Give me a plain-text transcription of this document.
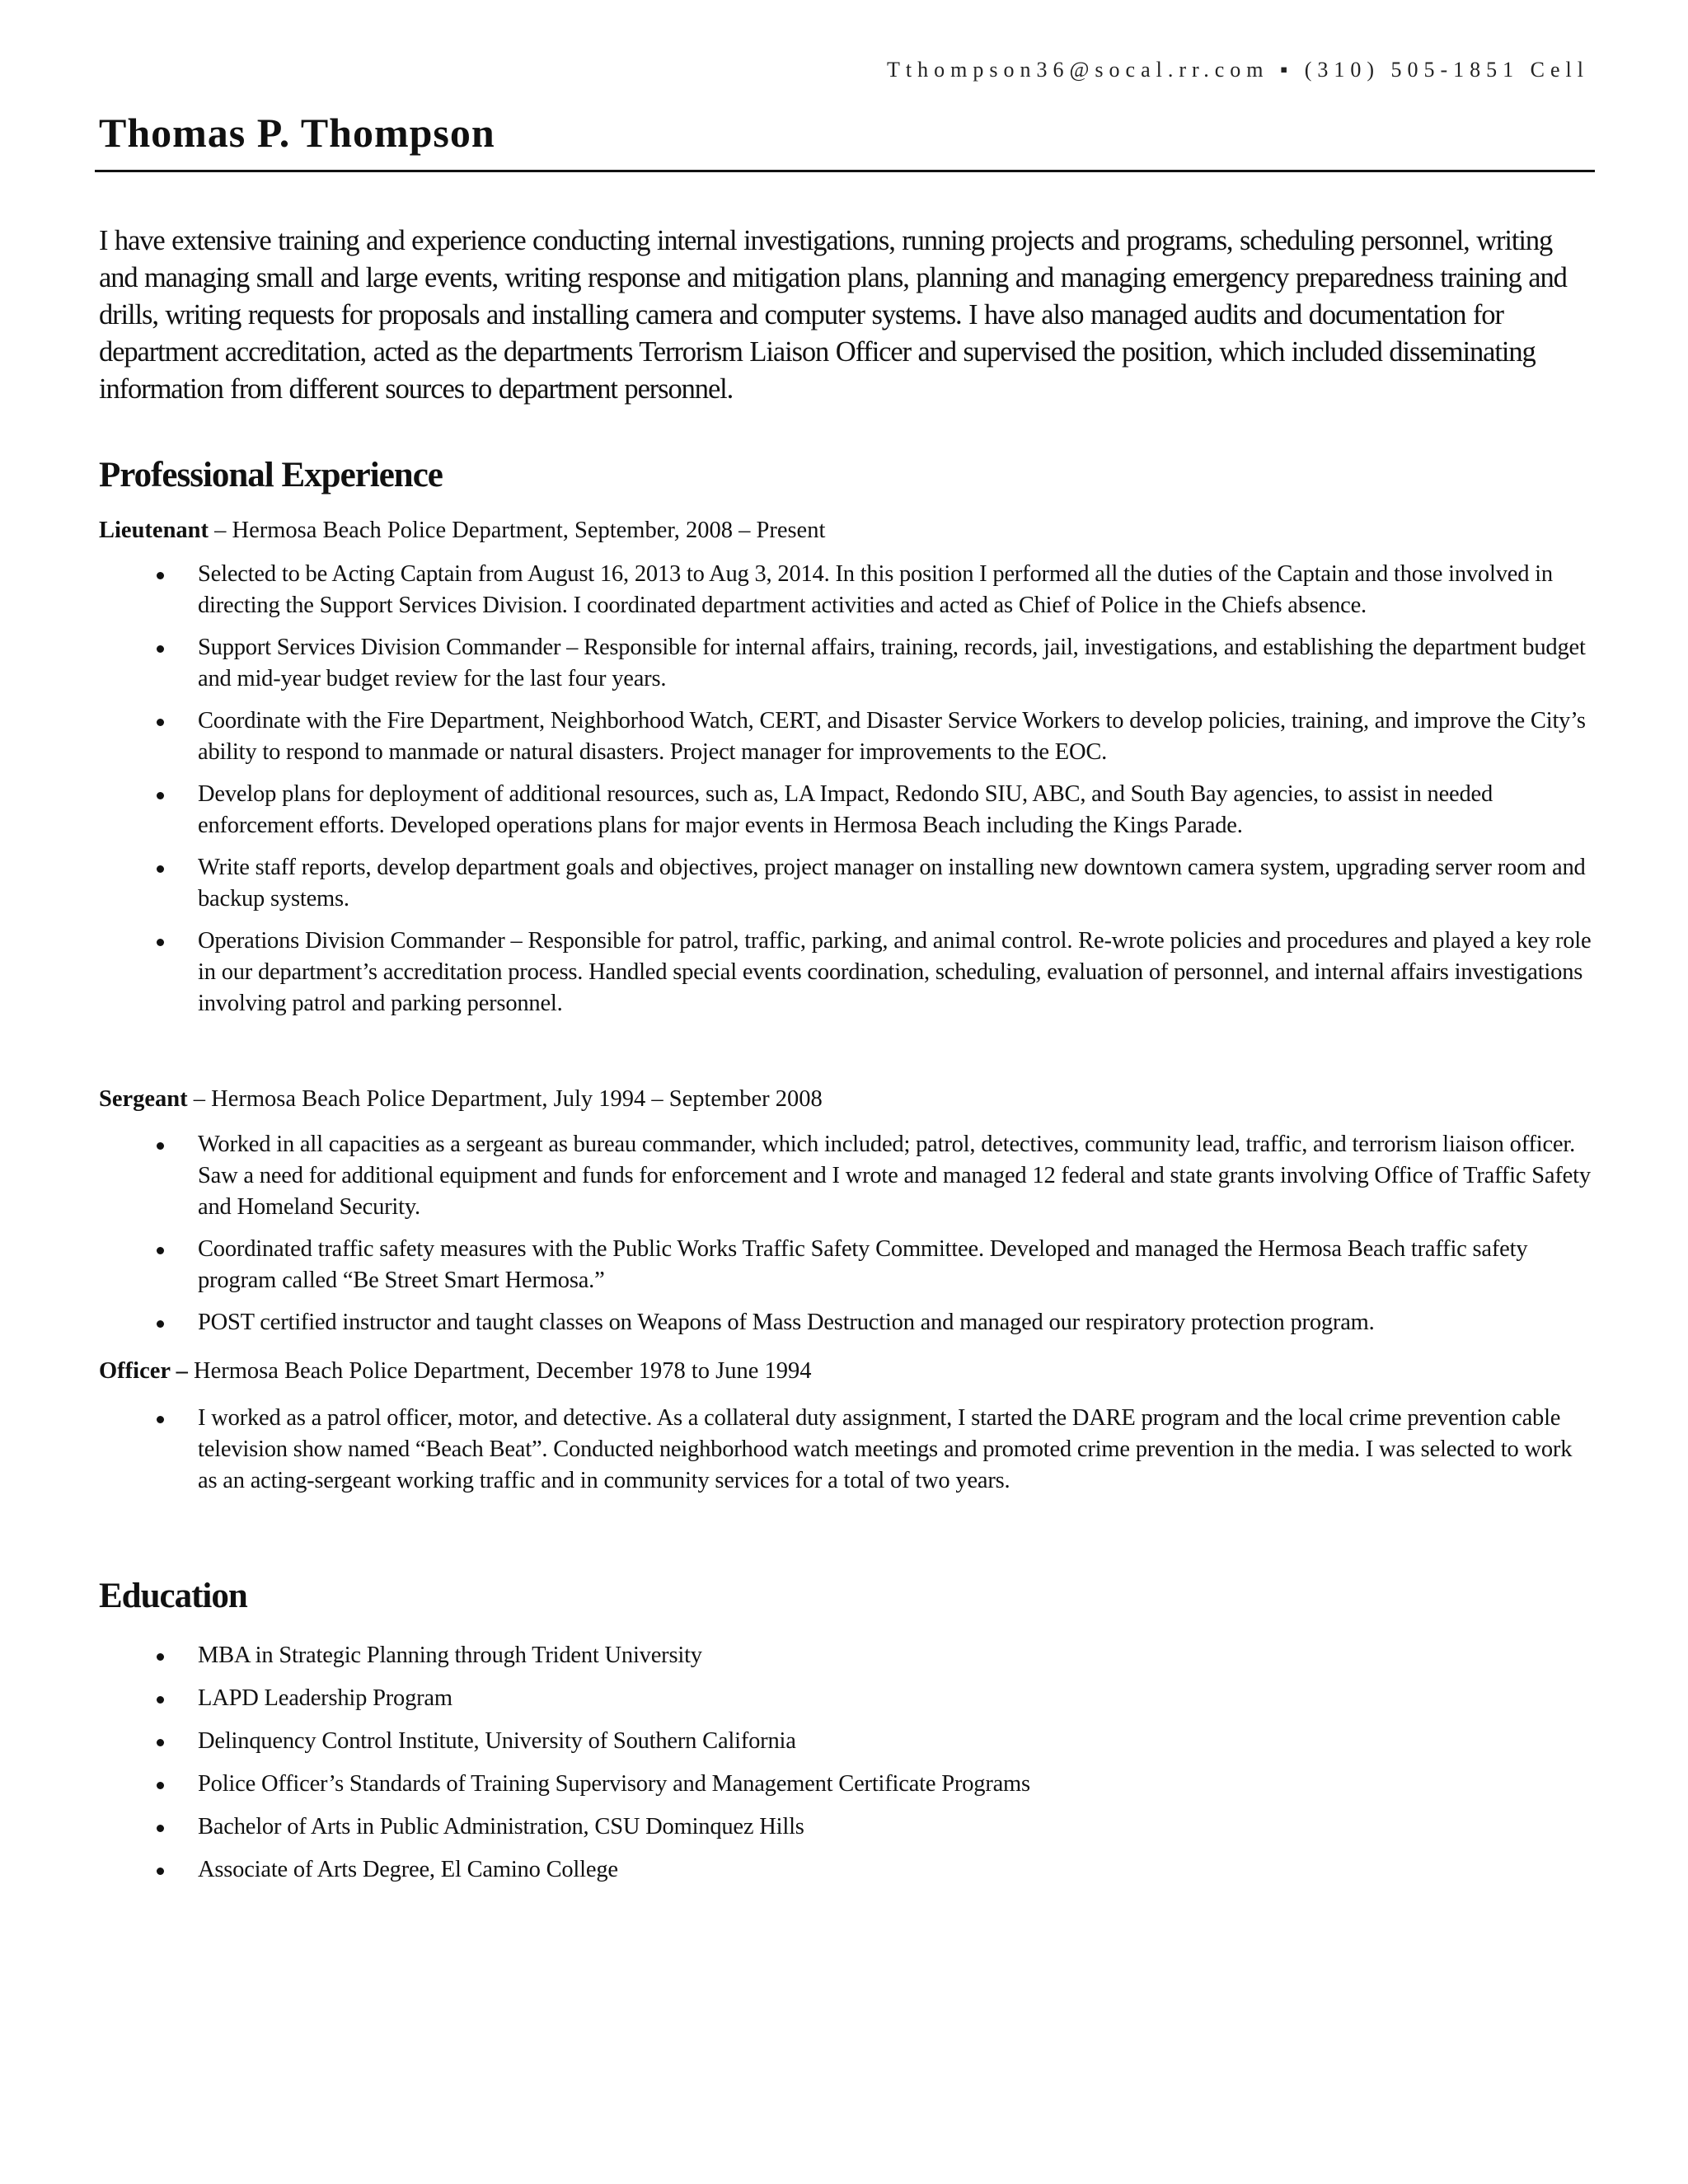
Tthompson36@socal.rr.com ▪ (310) 505-1851 Cell
Thomas P. Thompson

I have extensive training and experience conducting internal investigations, running projects and programs, scheduling personnel, writing and managing small and large events, writing response and mitigation plans, planning and managing emergency preparedness training and drills, writing requests for proposals and installing camera and computer systems. I have also managed audits and documentation for department accreditation, acted as the departments Terrorism Liaison Officer and supervised the position, which included disseminating information from different sources to department personnel.

Professional Experience

Lieutenant – Hermosa Beach Police Department, September, 2008 – Present

Selected to be Acting Captain from August 16, 2013 to Aug 3, 2014. In this position I performed all the duties of the Captain and those involved in directing the Support Services Division. I coordinated department activities and acted as Chief of Police in the Chiefs absence.
Support Services Division Commander – Responsible for internal affairs, training, records, jail, investigations, and establishing the department budget and mid-year budget review for the last four years.
Coordinate with the Fire Department, Neighborhood Watch, CERT, and Disaster Service Workers to develop policies, training, and improve the City’s ability to respond to manmade or natural disasters. Project manager for improvements to the EOC.
Develop plans for deployment of additional resources, such as, LA Impact, Redondo SIU, ABC, and South Bay agencies, to assist in needed enforcement efforts. Developed operations plans for major events in Hermosa Beach including the Kings Parade.
Write staff reports, develop department goals and objectives, project manager on installing new downtown camera system, upgrading server room and backup systems.
Operations Division Commander – Responsible for patrol, traffic, parking, and animal control. Re-wrote policies and procedures and played a key role in our department’s accreditation process. Handled special events coordination, scheduling, evaluation of personnel, and internal affairs investigations involving patrol and parking personnel.

Sergeant – Hermosa Beach Police Department, July 1994 – September 2008

Worked in all capacities as a sergeant as bureau commander, which included; patrol, detectives, community lead, traffic, and terrorism liaison officer. Saw a need for additional equipment and funds for enforcement and I wrote and managed 12 federal and state grants involving Office of Traffic Safety and Homeland Security.
Coordinated traffic safety measures with the Public Works Traffic Safety Committee. Developed and managed the Hermosa Beach traffic safety program called “Be Street Smart Hermosa.”
POST certified instructor and taught classes on Weapons of Mass Destruction and managed our respiratory protection program.

Officer – Hermosa Beach Police Department, December 1978 to June 1994

I worked as a patrol officer, motor, and detective. As a collateral duty assignment, I started the DARE program and the local crime prevention cable television show named “Beach Beat”. Conducted neighborhood watch meetings and promoted crime prevention in the media. I was selected to work as an acting-sergeant working traffic and in community services for a total of two years.
Education
MBA in Strategic Planning through Trident University
LAPD Leadership Program
Delinquency Control Institute, University of Southern California
Police Officer’s Standards of Training Supervisory and Management Certificate Programs
Bachelor of Arts in Public Administration, CSU Dominquez Hills
Associate of Arts Degree, El Camino College
